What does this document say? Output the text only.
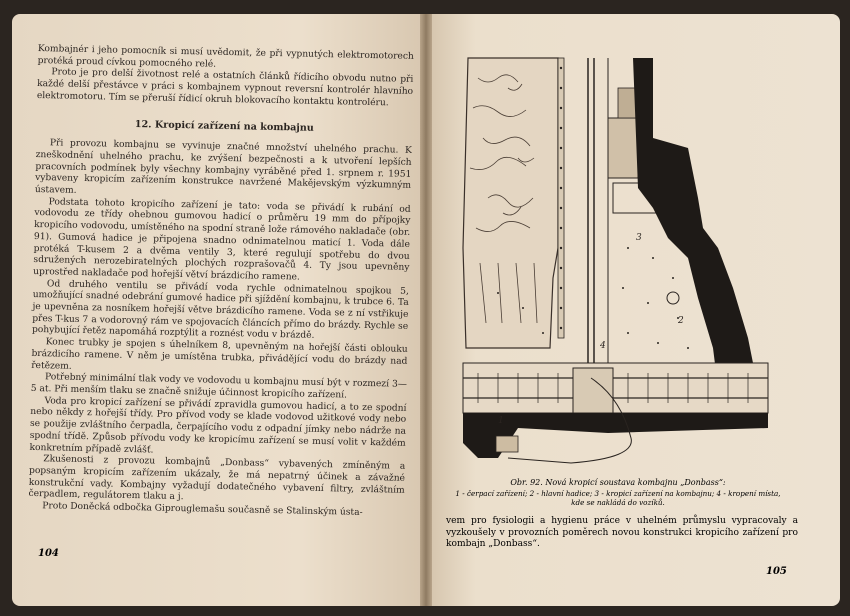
Kombajnér i jeho pomocník si musí uvědomit, že při vypnutých elektromotorech protéká proud cívkou pomocného relé.

Proto je pro delší životnost relé a ostatních článků řídicího obvodu nutno při každé delší přestávce v práci s kombajnem vypnout reversní kontrolér hlavního elektromotoru. Tím se přeruší řídicí okruh blokovacího kontaktu kontroléru.

12. Kropicí zařízení na kombajnu

Při provozu kombajnu se vyvinuje značné množství uhelného prachu. K zneškodnění uhelného prachu, ke zvýšení bezpečnosti a k utvoření lepších pracovních podmínek byly všechny kombajny vyráběné před 1. srpnem r. 1951 vybaveny kropicím zařízením konstrukce navržené Makějevským výzkumným ústavem.

Podstata tohoto kropicího zařízení je tato: voda se přivádí k rubání od vodovodu ze třídy ohebnou gumovou hadicí o průměru 19 mm do přípojky kropicího vodovodu, umístěného na spodní straně lože rámového nakladače (obr. 91). Gumová hadice je připojena snadno odnimatelnou maticí 1. Voda dále protéká T-kusem 2 a dvěma ventily 3, které regulují spotřebu do dvou sdružených nerozebiratelných plochých rozprašovačů 4. Ty jsou upevněny uprostřed nakladače pod hořejší větví brázdicího ramene.

Od druhého ventilu se přivádí voda rychle odnimatelnou spojkou 5, umožňující snadné odebrání gumové hadice při sjíždění kombajnu, k trubce 6. Ta je upevněna za nosníkem hořejší větve brázdicího ramene. Voda se z ní vstřikuje přes T-kus 7 a vodorovný rám ve spojovacích článcích přímo do brázdy. Rychle se pohybující řetěz napomáhá rozptýlit a roznést vodu v brázdě.

Konec trubky je spojen s úhelníkem 8, upevněným na hořejší části oblouku brázdicího ramene. V něm je umístěna trubka, přivádějící vodu do brázdy nad řetězem.

Potřebný minimální tlak vody ve vodovodu u kombajnu musí být v rozmezí 3—5 at. Při menším tlaku se značně snižuje účinnost kropicího zařízení.

Voda pro kropicí zařízení se přivádí zpravidla gumovou hadicí, a to ze spodní nebo někdy z hořejší třídy. Pro přívod vody se klade vodovod užitkové vody nebo se použije zvláštního čerpadla, čerpajícího vodu z odpadní jímky nebo nádrže na spodní třídě. Způsob přívodu vody ke kropicímu zařízení se musí volit v každém konkretním případě zvlášť.

Zkušenosti z provozu kombajnů „Donbass“ vybavených zmíněným a popsaným kropicím zařízením ukázaly, že má nepatrný účinek a závažné konstrukční vady. Kombajny vyžadují dodatečného vybavení filtry, zvláštním čerpadlem, regulátorem tlaku a j.

Proto Doněcká odbočka Giprouglemašu současně se Stalinským ústa-

104
1
2
3
4
Obr. 92. Nová kropicí soustava kombajnu „Donbass“:
1 - čerpací zařízení; 2 - hlavní hadice; 3 - kropicí zařízení na kombajnu; 4 - kropení místa, kde se nakládá do vozíků.

vem pro fysiologii a hygienu práce v uhelném průmyslu vypracovaly a vyzkoušely v provozních poměrech novou konstrukci kropicího zařízení pro kombajn „Donbass“.

105
